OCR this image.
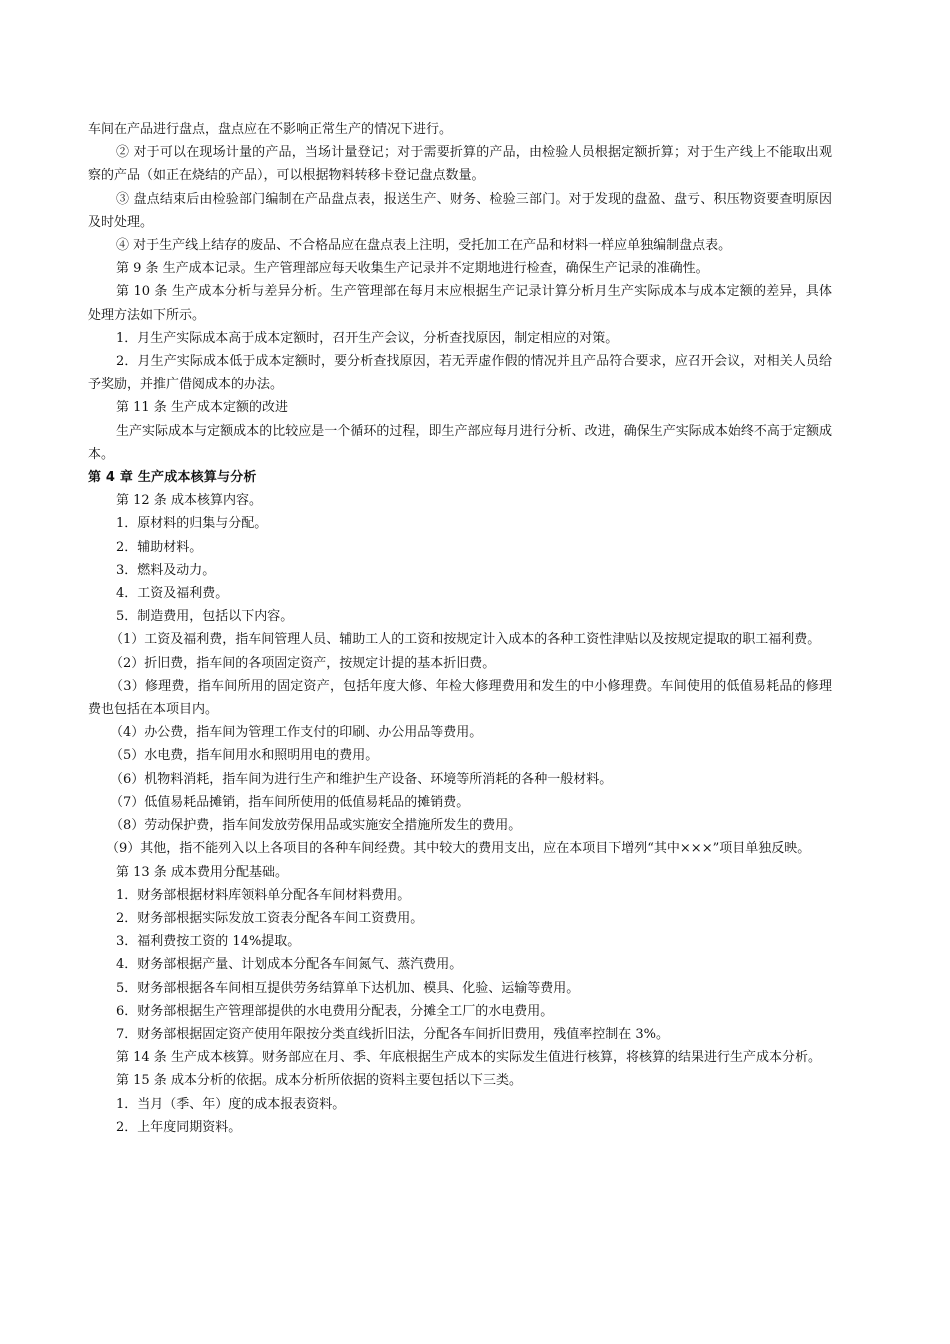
车间在产品进行盘点，盘点应在不影响正常生产的情况下进行。

② 对于可以在现场计量的产品，当场计量登记；对于需要折算的产品，由检验人员根据定额折算；对于生产线上不能取出观察的产品（如正在烧结的产品），可以根据物料转移卡登记盘点数量。

③ 盘点结束后由检验部门编制在产品盘点表，报送生产、财务、检验三部门。对于发现的盘盈、盘亏、积压物资要查明原因及时处理。

④ 对于生产线上结存的废品、不合格品应在盘点表上注明，受托加工在产品和材料一样应单独编制盘点表。

第 9 条 生产成本记录。生产管理部应每天收集生产记录并不定期地进行检查，确保生产记录的准确性。

第 10 条 生产成本分析与差异分析。生产管理部在每月末应根据生产记录计算分析月生产实际成本与成本定额的差异，具体处理方法如下所示。

1．月生产实际成本高于成本定额时，召开生产会议，分析查找原因，制定相应的对策。

2．月生产实际成本低于成本定额时，要分析查找原因，若无弄虚作假的情况并且产品符合要求，应召开会议，对相关人员给予奖励，并推广借阅成本的办法。

第 11 条 生产成本定额的改进

生产实际成本与定额成本的比较应是一个循环的过程，即生产部应每月进行分析、改进，确保生产实际成本始终不高于定额成本。

第 4 章 生产成本核算与分析

第 12 条 成本核算内容。

1．原材料的归集与分配。

2．辅助材料。

3．燃料及动力。

4．工资及福利费。

5．制造费用，包括以下内容。

（1）工资及福利费，指车间管理人员、辅助工人的工资和按规定计入成本的各种工资性津贴以及按规定提取的职工福利费。

（2）折旧费，指车间的各项固定资产，按规定计提的基本折旧费。

（3）修理费，指车间所用的固定资产，包括年度大修、年检大修理费用和发生的中小修理费。车间使用的低值易耗品的修理费也包括在本项目内。

（4）办公费，指车间为管理工作支付的印刷、办公用品等费用。

（5）水电费，指车间用水和照明用电的费用。

（6）机物料消耗，指车间为进行生产和维护生产设备、环境等所消耗的各种一般材料。

（7）低值易耗品摊销，指车间所使用的低值易耗品的摊销费。

（8）劳动保护费，指车间发放劳保用品或实施安全措施所发生的费用。

（9）其他，指不能列入以上各项目的各种车间经费。其中较大的费用支出，应在本项目下增列“其中×××”项目单独反映。

第 13 条 成本费用分配基础。

1．财务部根据材料库领料单分配各车间材料费用。

2．财务部根据实际发放工资表分配各车间工资费用。

3．福利费按工资的 14%提取。

4．财务部根据产量、计划成本分配各车间氮气、蒸汽费用。

5．财务部根据各车间相互提供劳务结算单下达机加、模具、化验、运输等费用。

6．财务部根据生产管理部提供的水电费用分配表，分摊全工厂的水电费用。

7．财务部根据固定资产使用年限按分类直线折旧法，分配各车间折旧费用，残值率控制在 3%。

第 14 条 生产成本核算。财务部应在月、季、年底根据生产成本的实际发生值进行核算，将核算的结果进行生产成本分析。

第 15 条 成本分析的依据。成本分析所依据的资料主要包括以下三类。

1．当月（季、年）度的成本报表资料。

2．上年度同期资料。
